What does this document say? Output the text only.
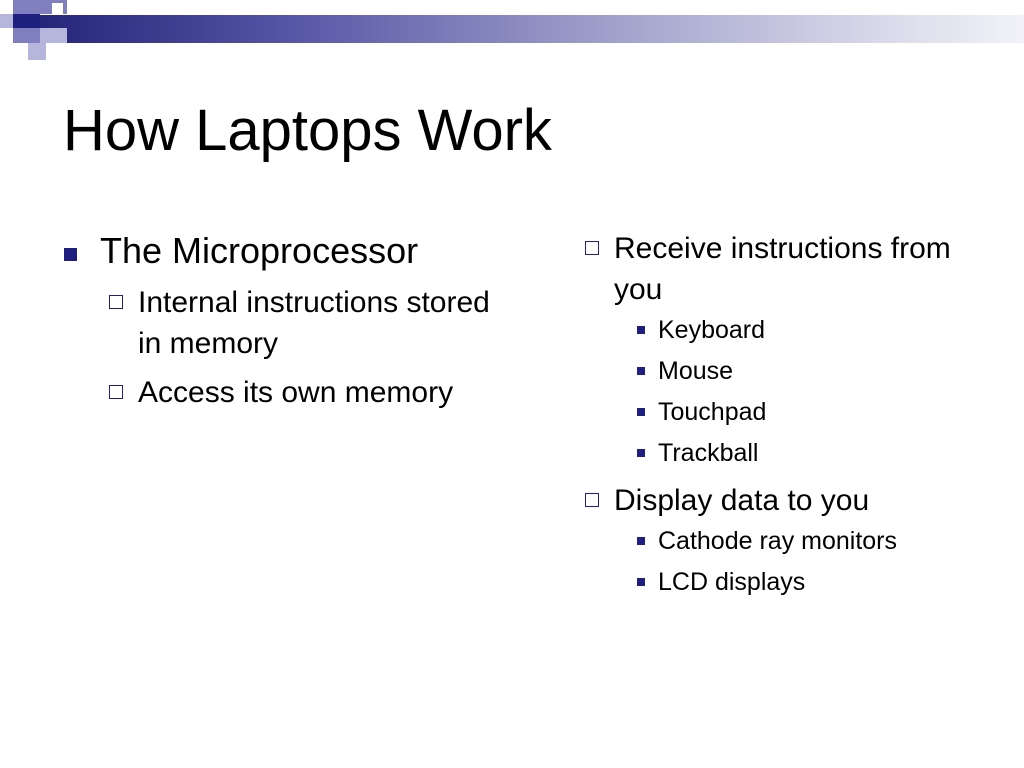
How Laptops Work
The Microprocessor
Internal instructions stored in memory
Access its own memory
Receive instructions from you
Keyboard
Mouse
Touchpad
Trackball
Display data to you
Cathode ray monitors
LCD displays
